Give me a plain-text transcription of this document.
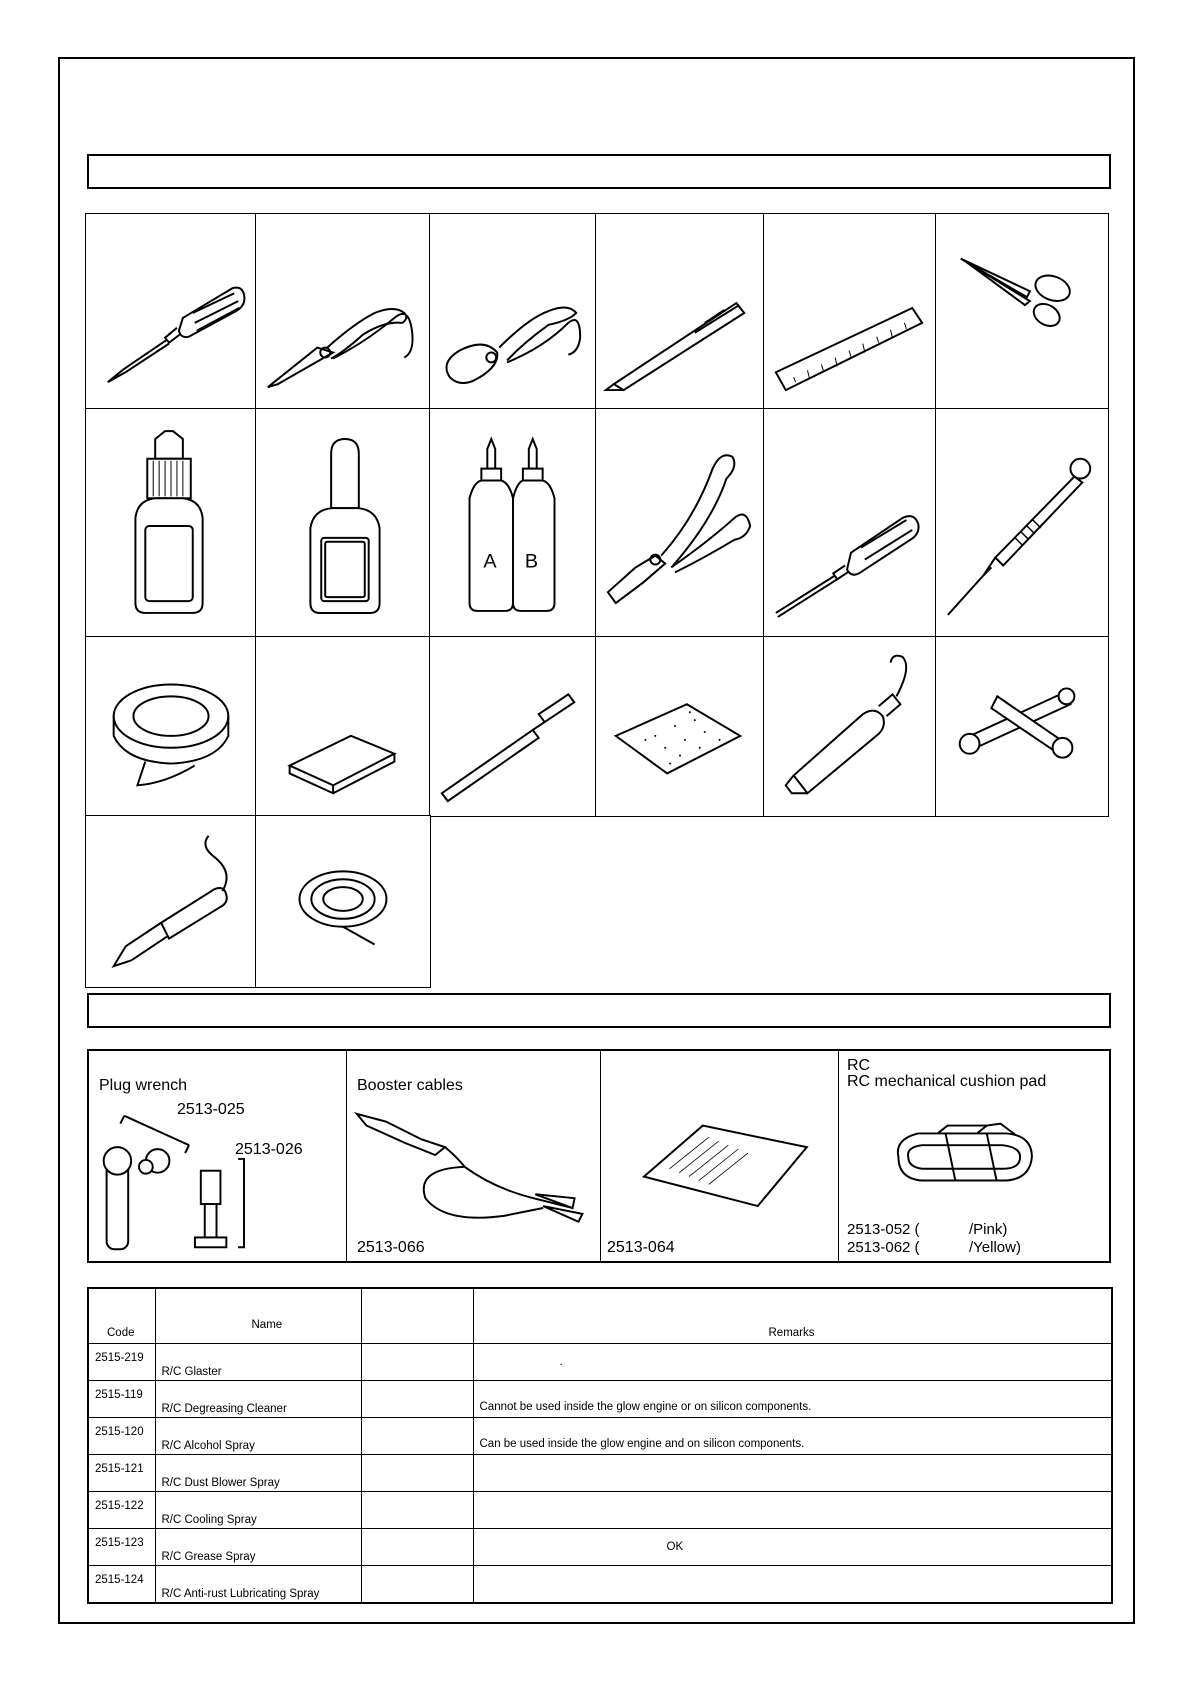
A B
Plug wrench
2513-025
2513-026
Booster cables
2513-066	2513-064
RC
RC mechanical cushion pad
2513-052 (	/Pink)
2513-062 (	/Yellow)
Code	Name		Remarks

2515-219	R/C Glaster		.

2515-119	R/C Degreasing Cleaner		Cannot be used inside the glow engine or on silicon components.

2515-120	R/C Alcohol Spray		Can be used inside the glow engine and on silicon components.

2515-121	R/C Dust Blower Spray		

2515-122	R/C Cooling Spray		

2515-123	R/C Grease Spray		OK

2515-124	R/C Anti-rust Lubricating Spray		
